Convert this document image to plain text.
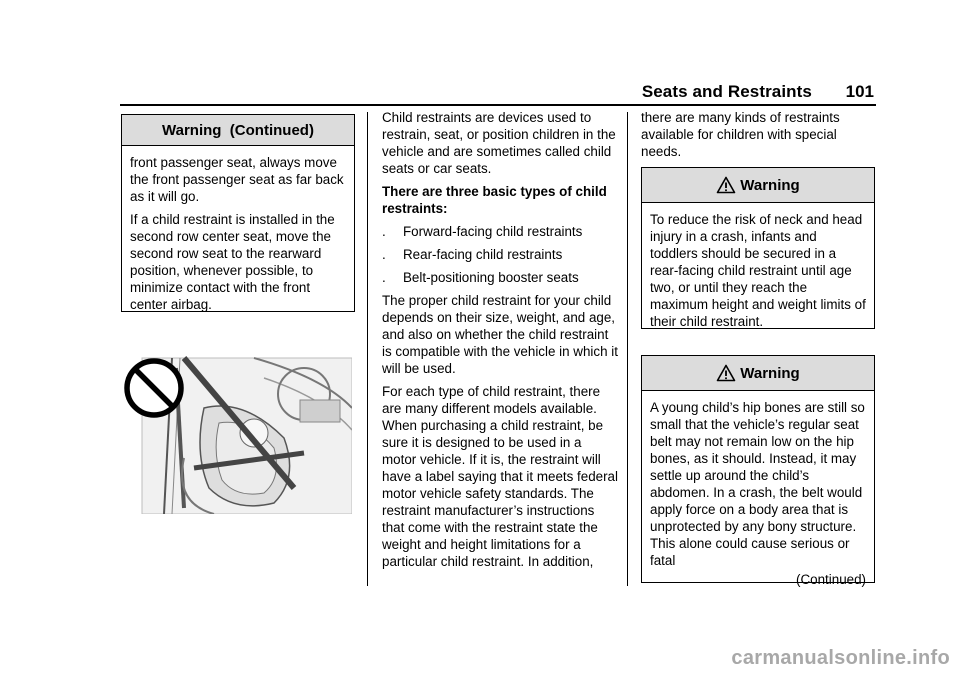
Seats and Restraints 101
Warning  (Continued)

front passenger seat, always move the front passenger seat as far back as it will go.

If a child restraint is installed in the second row center seat, move the second row seat to the rearward position, whenever possible, to minimize contact with the front center airbag.

Child restraints are devices used to restrain, seat, or position children in the vehicle and are sometimes called child seats or car seats.

There are three basic types of child restraints:

.	Forward-facing child restraints
.	Rear-facing child restraints
.	Belt-positioning booster seats

The proper child restraint for your child depends on their size, weight, and age, and also on whether the child restraint is compatible with the vehicle in which it will be used.

For each type of child restraint, there are many different models available. When purchasing a child restraint, be sure it is designed to be used in a motor vehicle. If it is, the restraint will have a label saying that it meets federal motor vehicle safety standards. The restraint manufacturer’s instructions that come with the restraint state the weight and height limitations for a particular child restraint. In addition,

there are many kinds of restraints available for children with special needs.
Warning

To reduce the risk of neck and head injury in a crash, infants and toddlers should be secured in a rear-facing child restraint until age two, or until they reach the maximum height and weight limits of their child restraint.

Warning

A young child’s hip bones are still so small that the vehicle’s regular seat belt may not remain low on the hip bones, as it should. Instead, it may settle up around the child’s abdomen. In a crash, the belt would apply force on a body area that is unprotected by any bony structure. This alone could cause serious or fatal

(Continued)
carmanualsonline.info
